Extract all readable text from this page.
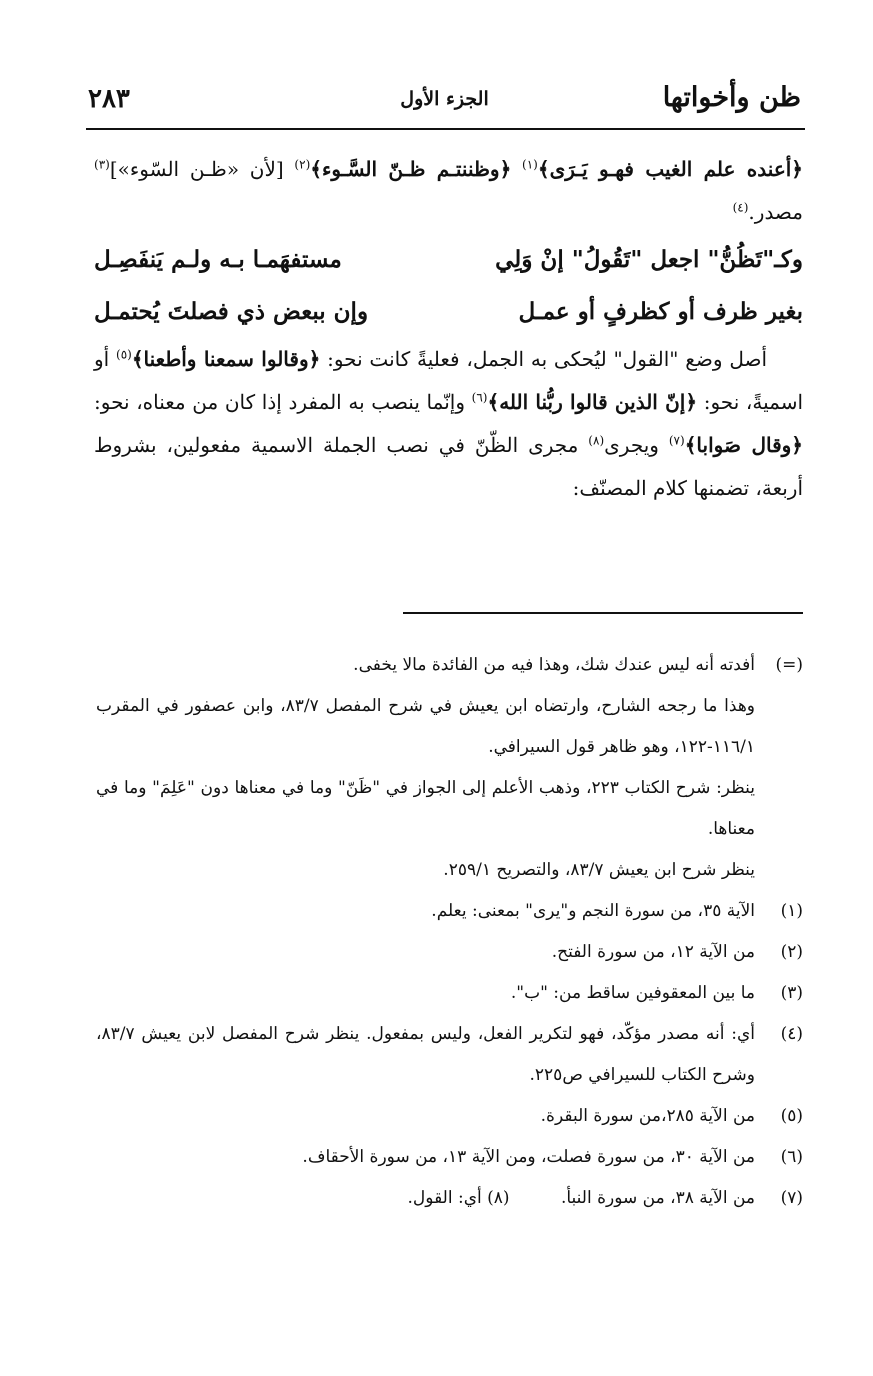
ظن وأخواتها
الجزء الأول
٢٨٣

﴿أعنده علم الغيب فهـو يَـرَى﴾$^{(١)}$ ﴿وظننتـم ظـنّ السَّـوء﴾$^{(٢)}$ [لأن «ظـن السّوء»]$^{(٣)}$ مصدر.$^{(٤)}$

وكـ"تَظُنُّ" اجعل "تَقُولُ" إنْ وَلِي
مستفهَمـا بـه ولـم يَنفَصِـل
بغير ظرف أو كظرفٍ أو عمـل
وإن ببعض ذي فصلتَ يُحتمـل

أصل وضع "القول" ليُحكى به الجمل، فعليةً كانت نحو: ﴿وقالوا سمعنا وأطعنا﴾$^{(٥)}$ أو اسميةً، نحو: ﴿إنّ الذين قالوا ربُّنا الله﴾$^{(٦)}$ وإنّما ينصب به المفرد إذا كان من معناه، نحو: ﴿وقال صَوابا﴾$^{(٧)}$ ويجرى$^{(٨)}$ مجرى الظّنّ في نصب الجملة الاسمية مفعولين، بشروط أربعة، تضمنها كلام المصنّف:

(=)
أفدته أنه ليس عندك شك، وهذا فيه من الفائدة مالا يخفى.
وهذا ما رجحه الشارح، وارتضاه ابن يعيش في شرح المفصل ٨٣/٧، وابن عصفور في المقرب ١١٦/١-١٢٢، وهو ظاهر قول السيرافي.
ينظر: شرح الكتاب ٢٢٣، وذهب الأعلم إلى الجواز في "ظَنّ" وما في معناها دون "عَلِمَ" وما في معناها.
ينظر شرح ابن يعيش ٨٣/٧، والتصريح ٢٥٩/١.
(١)
الآية ٣٥، من سورة النجم و"يرى" بمعنى: يعلم.
(٢)
من الآية ١٢، من سورة الفتح.
(٣)
ما بين المعقوفين ساقط من: "ب".
(٤)
أي: أنه مصدر مؤكّد، فهو لتكرير الفعل، وليس بمفعول. ينظر شرح المفصل لابن يعيش ٨٣/٧، وشرح الكتاب للسيرافي ص٢٢٥.
(٥)
من الآية ٢٨٥،من سورة البقرة.
(٦)
من الآية ٣٠، من سورة فصلت، ومن الآية ١٣، من سورة الأحقاف.
(٧)
من الآية ٣٨، من سورة النبأ. (٨) أي: القول.
